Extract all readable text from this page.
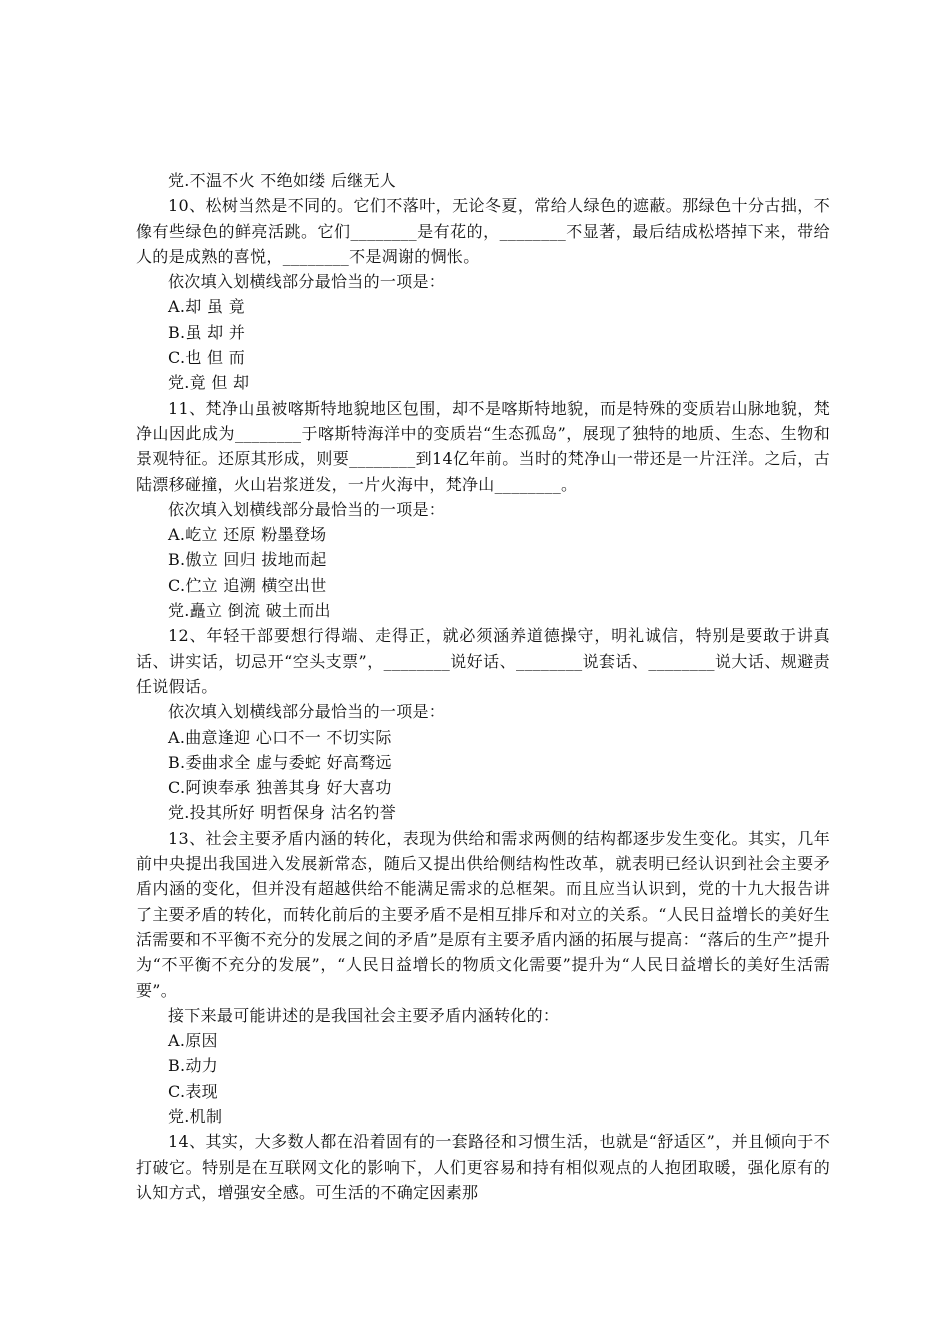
党.不温不火 不绝如缕 后继无人

10、松树当然是不同的。它们不落叶，无论冬夏，常给人绿色的遮蔽。那绿色十分古拙，不像有些绿色的鲜亮活跳。它们________是有花的，________不显著，最后结成松塔掉下来，带给人的是成熟的喜悦，________不是凋谢的惆怅。

依次填入划横线部分最恰当的一项是：

A.却 虽 竟

B.虽 却 并

C.也 但 而

党.竟 但 却

11、梵净山虽被喀斯特地貌地区包围，却不是喀斯特地貌，而是特殊的变质岩山脉地貌，梵净山因此成为________于喀斯特海洋中的变质岩“生态孤岛”，展现了独特的地质、生态、生物和景观特征。还原其形成，则要________到14亿年前。当时的梵净山一带还是一片汪洋。之后，古陆漂移碰撞，火山岩浆迸发，一片火海中，梵净山________。

依次填入划横线部分最恰当的一项是：

A.屹立 还原 粉墨登场

B.傲立 回归 拔地而起

C.伫立 追溯 横空出世

党.矗立 倒流 破土而出

12、年轻干部要想行得端、走得正，就必须涵养道德操守，明礼诚信，特别是要敢于讲真话、讲实话，切忌开“空头支票”，________说好话、________说套话、________说大话、规避责任说假话。

依次填入划横线部分最恰当的一项是：

A.曲意逢迎 心口不一 不切实际

B.委曲求全 虚与委蛇 好高骛远

C.阿谀奉承 独善其身 好大喜功

党.投其所好 明哲保身 沽名钓誉

13、社会主要矛盾内涵的转化，表现为供给和需求两侧的结构都逐步发生变化。其实，几年前中央提出我国进入发展新常态，随后又提出供给侧结构性改革，就表明已经认识到社会主要矛盾内涵的变化，但并没有超越供给不能满足需求的总框架。而且应当认识到，党的十九大报告讲了主要矛盾的转化，而转化前后的主要矛盾不是相互排斥和对立的关系。“人民日益增长的美好生活需要和不平衡不充分的发展之间的矛盾”是原有主要矛盾内涵的拓展与提高：“落后的生产”提升为“不平衡不充分的发展”，“人民日益增长的物质文化需要”提升为“人民日益增长的美好生活需要”。

接下来最可能讲述的是我国社会主要矛盾内涵转化的：

A.原因

B.动力

C.表现

党.机制

14、其实，大多数人都在沿着固有的一套路径和习惯生活，也就是“舒适区”，并且倾向于不打破它。特别是在互联网文化的影响下，人们更容易和持有相似观点的人抱团取暖，强化原有的认知方式，增强安全感。可生活的不确定因素那
